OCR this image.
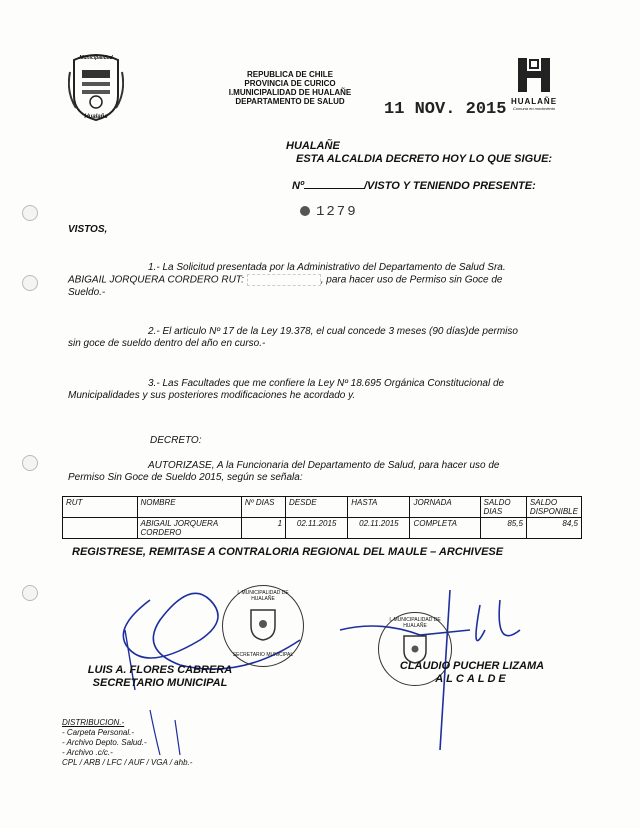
Municipalidad
Hualañe
REPUBLICA DE CHILE
PROVINCIA DE CURICO
I.MUNICIPALIDAD DE HUALAÑE
DEPARTAMENTO DE SALUD	11 NOV. 2015 HUALAÑE
Comuna en movimiento
HUALAÑE
ESTA ALCALDIA DECRETO HOY LO QUE SIGUE:
Nº	/VISTO Y TENIENDO PRESENTE:
1279
VISTOS,
1.- La Solicitud presentada por la Administrativo del Departamento de Salud Sra.
ABIGAIL JORQUERA CORDERO RUT:	, para hacer uso de Permiso sin Goce de
Sueldo.-
2.- El articulo Nº 17 de la Ley 19.378, el cual concede 3 meses (90 días)de permiso
sin goce de sueldo dentro del año en curso.-
3.- Las Facultades que me confiere la Ley Nº 18.695 Orgánica Constitucional de
Municipalidades y sus posteriores modificaciones he acordado y.
DECRETO:
AUTORIZASE, A la Funcionaria del Departamento de Salud, para hacer uso de
Permiso Sin Goce de Sueldo 2015, según se señala:
RUT	NOMBRE	Nº DIAS	DESDE	HASTA	JORNADA	SALDO DIAS	SALDO DISPONIBLE
	ABIGAIL JORQUERA CORDERO	1	02.11.2015	02.11.2015	COMPLETA	85,5	84,5
REGISTRESE, REMITASE A CONTRALORIA REGIONAL DEL MAULE – ARCHIVESE
I. MUNICIPALIDAD DE HUALAÑE
SECRETARIO MUNICIPAL
I. MUNICIPALIDAD DE HUALAÑE
LUIS A. FLORES CABRERA
SECRETARIO MUNICIPAL
CLAUDIO PUCHER LIZAMA
ALCALDE
DISTRIBUCION.-
- Carpeta Personal.-
- Archivo Depto. Salud.-
- Archivo .c/c.-
CPL / ARB / LFC / AUF / VGA / ahb.-
